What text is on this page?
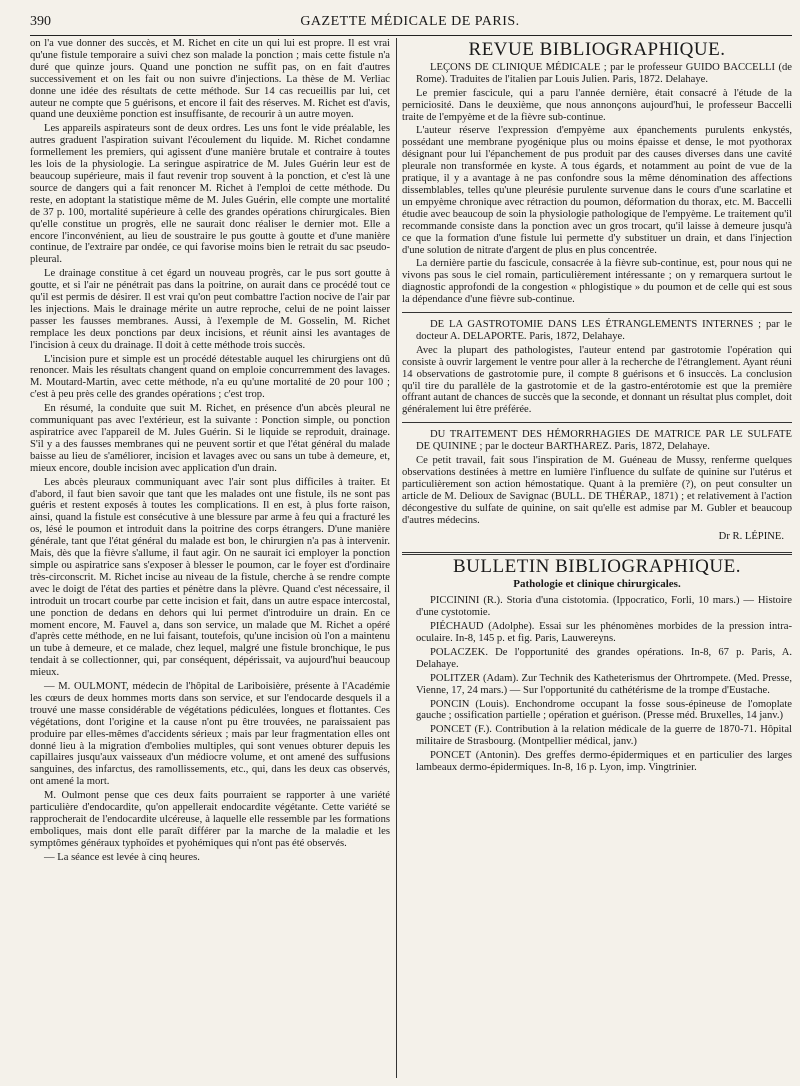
390	GAZETTE MÉDICALE DE PARIS.

on l'a vue donner des succès, et M. Richet en cite un qui lui est propre. Il est vrai qu'une fistule temporaire a suivi chez son malade la ponction ; mais cette fistule n'a duré que quinze jours. Quand une ponction ne suffit pas, on en fait d'autres successivement et on les fait ou non suivre d'injections. La thèse de M. Verliac donne une idée des résultats de cette méthode. Sur 14 cas recueillis par lui, cet auteur ne compte que 5 guérisons, et encore il fait des réserves. M. Richet est d'avis, quand une deuxième ponction est insuffisante, de recourir à un autre moyen.

Les appareils aspirateurs sont de deux ordres. Les uns font le vide préalable, les autres graduent l'aspiration suivant l'écoulement du liquide. M. Richet condamne formellement les premiers, qui agissent d'une manière brutale et contraire à toutes les lois de la physiologie. La seringue aspiratrice de M. Jules Guérin leur est de beaucoup supérieure, mais il faut revenir trop souvent à la ponction, et c'est là une source de dangers qui a fait renoncer M. Richet à l'emploi de cette méthode. Du reste, en adoptant la statistique même de M. Jules Guérin, elle compte une mortalité de 37 p. 100, mortalité supérieure à celle des grandes opérations chirurgicales. Bien qu'elle constitue un progrès, elle ne saurait donc réaliser le dernier mot. Elle a encore l'inconvénient, au lieu de soustraire le pus goutte à goutte et d'une manière continue, de l'extraire par ondée, ce qui favorise moins bien le retrait du sac pseudo-pleural.

Le drainage constitue à cet égard un nouveau progrès, car le pus sort goutte à goutte, et si l'air ne pénétrait pas dans la poitrine, on aurait dans ce procédé tout ce qu'il est permis de désirer. Il est vrai qu'on peut combattre l'action nocive de l'air par les injections. Mais le drainage mérite un autre reproche, celui de ne point laisser passer les fausses membranes. Aussi, à l'exemple de M. Gosselin, M. Richet remplace les deux ponctions par deux incisions, et réunit ainsi les avantages de l'incision à ceux du drainage. Il doit à cette méthode trois succès.

L'incision pure et simple est un procédé détestable auquel les chirurgiens ont dû renoncer. Mais les résultats changent quand on emploie concurremment des lavages. M. Moutard-Martin, avec cette méthode, n'a eu qu'une mortalité de 20 pour 100 ; c'est à peu près celle des grandes opérations ; c'est trop.

En résumé, la conduite que suit M. Richet, en présence d'un abcès pleural ne communiquant pas avec l'extérieur, est la suivante : Ponction simple, ou ponction aspiratrice avec l'appareil de M. Jules Guérin. Si le liquide se reproduit, drainage. S'il y a des fausses membranes qui ne peuvent sortir et que l'état général du malade baisse au lieu de s'améliorer, incision et lavages avec ou sans un tube à demeure, et, mieux encore, double incision avec application d'un drain.

Les abcès pleuraux communiquant avec l'air sont plus difficiles à traiter. Et d'abord, il faut bien savoir que tant que les malades ont une fistule, ils ne sont pas guéris et restent exposés à toutes les complications. Il en est, à plus forte raison, ainsi, quand la fistule est consécutive à une blessure par arme à feu qui a fracturé les os, lésé le poumon et introduit dans la poitrine des corps étrangers. D'une manière générale, tant que l'état général du malade est bon, le chirurgien n'a pas à intervenir. Mais, dès que la fièvre s'allume, il faut agir. On ne saurait ici employer la ponction simple ou aspiratrice sans s'exposer à blesser le poumon, car le foyer est d'ordinaire très-circonscrit. M. Richet incise au niveau de la fistule, cherche à se rendre compte avec le doigt de l'état des parties et pénètre dans la plèvre. Quand c'est nécessaire, il introduit un trocart courbe par cette incision et fait, dans un autre espace intercostal, une ponction de dedans en dehors qui lui permet d'introduire un drain. En ce moment encore, M. Fauvel a, dans son service, un malade que M. Richet a opéré d'après cette méthode, en ne lui faisant, toutefois, qu'une incision où l'on a maintenu un tube à demeure, et ce malade, chez lequel, malgré une fistule bronchique, le pus tendait à se collectionner, qui, par conséquent, dépérissait, va aujourd'hui beaucoup mieux.

— M. OULMONT, médecin de l'hôpital de Lariboisière, présente à l'Académie les cœurs de deux hommes morts dans son service, et sur l'endocarde desquels il a trouvé une masse considérable de végétations pédiculées, longues et flottantes. Ces végétations, dont l'origine et la cause n'ont pu être trouvées, ne paraissaient pas produire par elles-mêmes d'accidents sérieux ; mais par leur fragmentation elles ont donné lieu à la migration d'embolies multiples, qui sont venues obturer depuis les capillaires jusqu'aux vaisseaux d'un médiocre volume, et ont amené des suffusions sanguines, des infarctus, des ramollissements, etc., qui, dans les deux cas observés, ont amené la mort.

M. Oulmont pense que ces deux faits pourraient se rapporter à une variété particulière d'endocardite, qu'on appellerait endocardite végétante. Cette variété se rapprocherait de l'endocardite ulcéreuse, à laquelle elle ressemble par les formations emboliques, mais dont elle paraît différer par la marche de la maladie et les symptômes généraux typhoïdes et pyohémiques qui n'ont pas été observés.

— La séance est levée à cinq heures.

REVUE BIBLIOGRAPHIQUE.

LEÇONS DE CLINIQUE MÉDICALE ; par le professeur GUIDO BACCELLI (de Rome). Traduites de l'italien par Louis Julien. Paris, 1872. Delahaye.

Le premier fascicule, qui a paru l'année dernière, était consacré à l'étude de la perniciosité. Dans le deuxième, que nous annonçons aujourd'hui, le professeur Baccelli traite de l'empyème et de la fièvre sub-continue.

L'auteur réserve l'expression d'empyème aux épanchements purulents enkystés, possédant une membrane pyogénique plus ou moins épaisse et dense, le mot pyothorax désignant pour lui l'épanchement de pus produit par des causes diverses dans une cavité pleurale non transformée en kyste. A tous égards, et notamment au point de vue de la pratique, il y a avantage à ne pas confondre sous la même dénomination des affections dissemblables, telles qu'une pleurésie purulente survenue dans le cours d'une scarlatine et un empyème chronique avec rétraction du poumon, déformation du thorax, etc. M. Baccelli étudie avec beaucoup de soin la physiologie pathologique de l'empyème. Le traitement qu'il recommande consiste dans la ponction avec un gros trocart, qu'il laisse à demeure jusqu'à ce que la formation d'une fistule lui permette d'y substituer un drain, et dans l'injection d'une solution de nitrate d'argent de plus en plus concentrée.

La dernière partie du fascicule, consacrée à la fièvre sub-continue, est, pour nous qui ne vivons pas sous le ciel romain, particulièrement intéressante ; on y remarquera surtout le diagnostic approfondi de la congestion « phlogistique » du poumon et de celle qui est sous la dépendance d'une fièvre sub-continue.

DE LA GASTROTOMIE DANS LES ÉTRANGLEMENTS INTERNES ; par le docteur A. DELAPORTE. Paris, 1872, Delahaye.

Avec la plupart des pathologistes, l'auteur entend par gastrotomie l'opération qui consiste à ouvrir largement le ventre pour aller à la recherche de l'étranglement. Ayant réuni 14 observations de gastrotomie pure, il compte 8 guérisons et 6 insuccès. La conclusion qu'il tire du parallèle de la gastrotomie et de la gastro-entérotomie est que la première offrant autant de chances de succès que la seconde, et donnant un résultat plus complet, doit généralement lui être préférée.

DU TRAITEMENT DES HÉMORRHAGIES DE MATRICE PAR LE SULFATE DE QUININE ; par le docteur BARTHAREZ. Paris, 1872, Delahaye.

Ce petit travail, fait sous l'inspiration de M. Guéneau de Mussy, renferme quelques observations destinées à mettre en lumière l'influence du sulfate de quinine sur l'utérus et particulièrement son action hémostatique. Quant à la première (?), on peut consulter un article de M. Delioux de Savignac (BULL. DE THÉRAP., 1871) ; et relativement à l'action décongestive du sulfate de quinine, on sait qu'elle est admise par M. Gubler et beaucoup d'autres médecins.

Dr R. LÉPINE.
BULLETIN BIBLIOGRAPHIQUE.
Pathologie et clinique chirurgicales.

PICCININI (R.). Storia d'una cistotomia. (Ippocratico, Forli, 10 mars.) — Histoire d'une cystotomie.

PIÉCHAUD (Adolphe). Essai sur les phénomènes morbides de la pression intra-oculaire. In-8, 145 p. et fig. Paris, Lauwereyns.

POLACZEK. De l'opportunité des grandes opérations. In-8, 67 p. Paris, A. Delahaye.

POLITZER (Adam). Zur Technik des Katheterismus der Ohrtrompete. (Med. Presse, Vienne, 17, 24 mars.) — Sur l'opportunité du cathétérisme de la trompe d'Eustache.

PONCIN (Louis). Enchondrome occupant la fosse sous-épineuse de l'omoplate gauche ; ossification partielle ; opération et guérison. (Presse méd. Bruxelles, 14 janv.)

PONCET (F.). Contribution à la relation médicale de la guerre de 1870-71. Hôpital militaire de Strasbourg. (Montpellier médical, janv.)

PONCET (Antonin). Des greffes dermo-épidermiques et en particulier des larges lambeaux dermo-épidermiques. In-8, 16 p. Lyon, imp. Vingtrinier.
